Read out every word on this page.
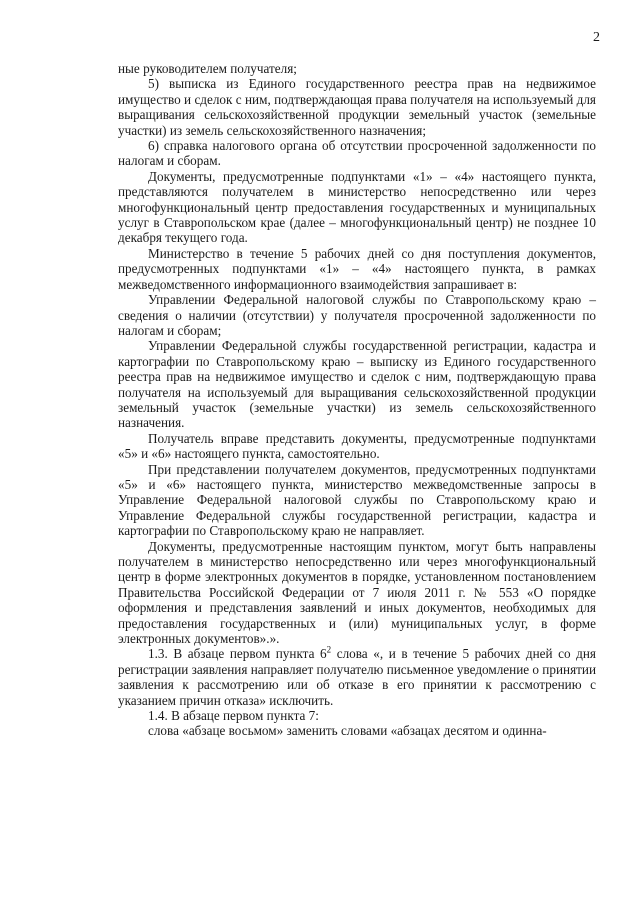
2

ные руководителем получателя;

5) выписка из Единого государственного реестра прав на недвижимое имущество и сделок с ним, подтверждающая права получателя на используемый для выращивания сельскохозяйственной продукции земельный участок (земельные участки) из земель сельскохозяйственного назначения;

6) справка налогового органа об отсутствии просроченной задолженности по налогам и сборам.

Документы, предусмотренные подпунктами «1» – «4» настоящего пункта, представляются получателем в министерство непосредственно или через многофункциональный центр предоставления государственных и муниципальных услуг в Ставропольском крае (далее – многофункциональный центр) не позднее 10 декабря текущего года.

Министерство в течение 5 рабочих дней со дня поступления документов, предусмотренных подпунктами «1» – «4» настоящего пункта, в рамках межведомственного информационного взаимодействия запрашивает в:

Управлении Федеральной налоговой службы по Ставропольскому краю – сведения о наличии (отсутствии) у получателя просроченной задолженности по налогам и сборам;

Управлении Федеральной службы государственной регистрации, кадастра и картографии по Ставропольскому краю – выписку из Единого государственного реестра прав на недвижимое имущество и сделок с ним, подтверждающую права получателя на используемый для выращивания сельскохозяйственной продукции земельный участок (земельные участки) из земель сельскохозяйственного назначения.

Получатель вправе представить документы, предусмотренные подпунктами «5» и «6» настоящего пункта, самостоятельно.

При представлении получателем документов, предусмотренных подпунктами «5» и «6» настоящего пункта, министерство межведомственные запросы в Управление Федеральной налоговой службы по Ставропольскому краю и Управление Федеральной службы государственной регистрации, кадастра и картографии по Ставропольскому краю не направляет.

Документы, предусмотренные настоящим пунктом, могут быть направлены получателем в министерство непосредственно или через многофункциональный центр в форме электронных документов в порядке, установленном постановлением Правительства Российской Федерации от 7 июля 2011 г. № 553 «О порядке оформления и представления заявлений и иных документов, необходимых для предоставления государственных и (или) муниципальных услуг, в форме электронных документов».».

1.3. В абзаце первом пункта $6^2$ слова «, и в течение 5 рабочих дней со дня регистрации заявления направляет получателю письменное уведомление о принятии заявления к рассмотрению или об отказе в его принятии к рассмотрению с указанием причин отказа» исключить.

1.4. В абзаце первом пункта 7:

слова «абзаце восьмом» заменить словами «абзацах десятом и одинна-
